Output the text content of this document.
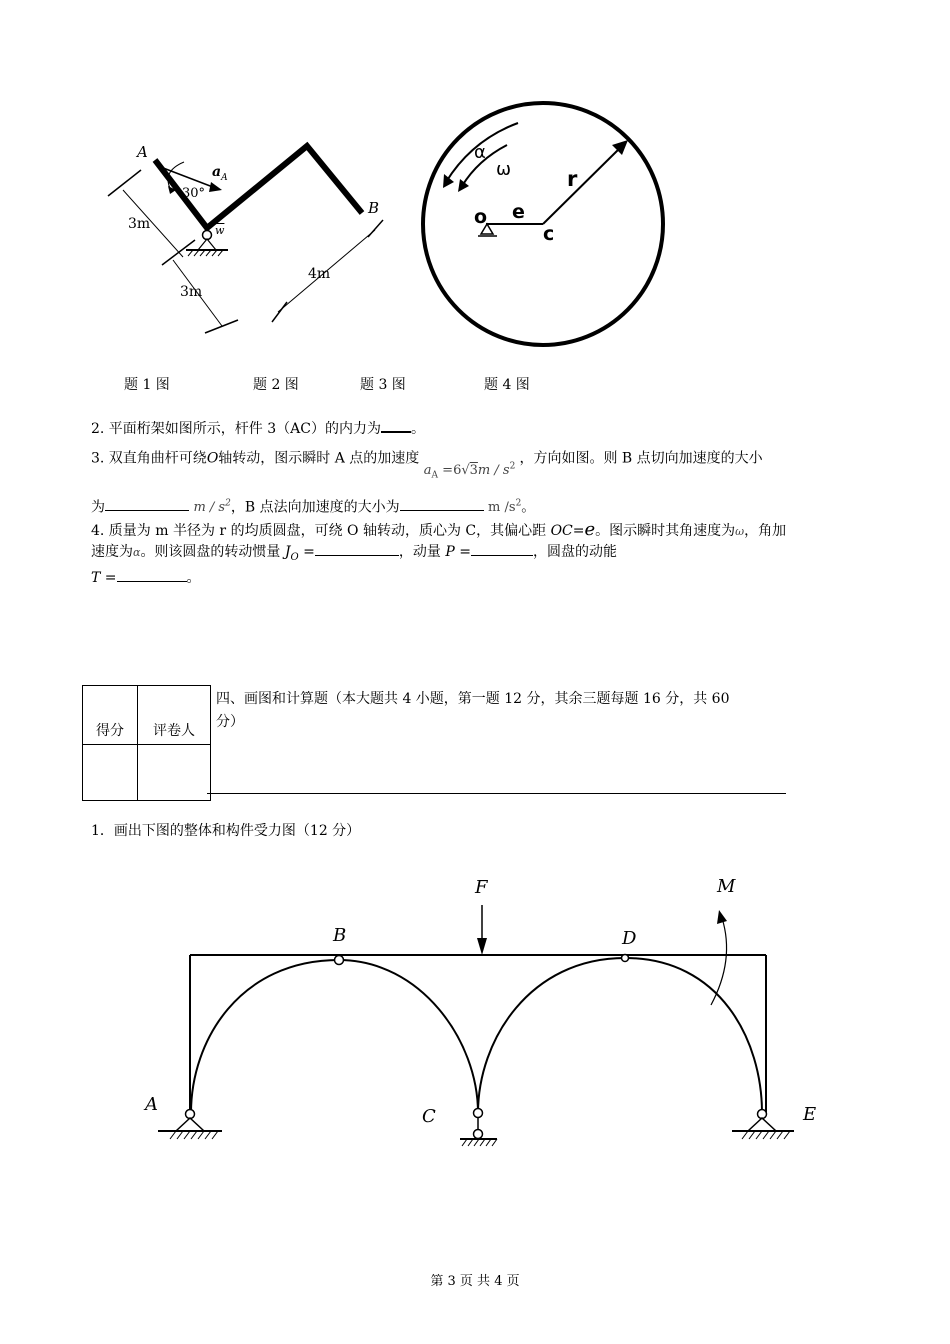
A
B
30°
$a_A$
$\overline{w}$
3m
3m
4m
α
ω	r
e
o
c
题 1 图	题 2 图	题 3 图	题 4 图
2. 平面桁架如图所示，杆件 3（AC）的内力为 。
3. 双直角曲杆可绕O轴转动，图示瞬时 A 点的加速度 $a_A =6√3m / s^2$ ，方向如图。则 B 点切向加速度的大小
为	m / $s^2$，B 点法向加速度的大小为	m $/s^2$。
4. 质量为 m 半径为 r 的均质圆盘，可绕 O 轴转动，质心为 C，其偏心距 OC=e。图示瞬时其角速度为ω，角加
速度为α。则该圆盘的转动惯量 $J_O$ =	，动量 P =	，圆盘的动能
T =	。
得分	评卷人

四、画图和计算题（本大题共 4 小题，第一题 12 分，其余三题每题 16 分，共 60
分）
1．画出下图的整体和构件受力图（12 分）
F	M
B	D
A
C	E
第 3 页 共 4 页
